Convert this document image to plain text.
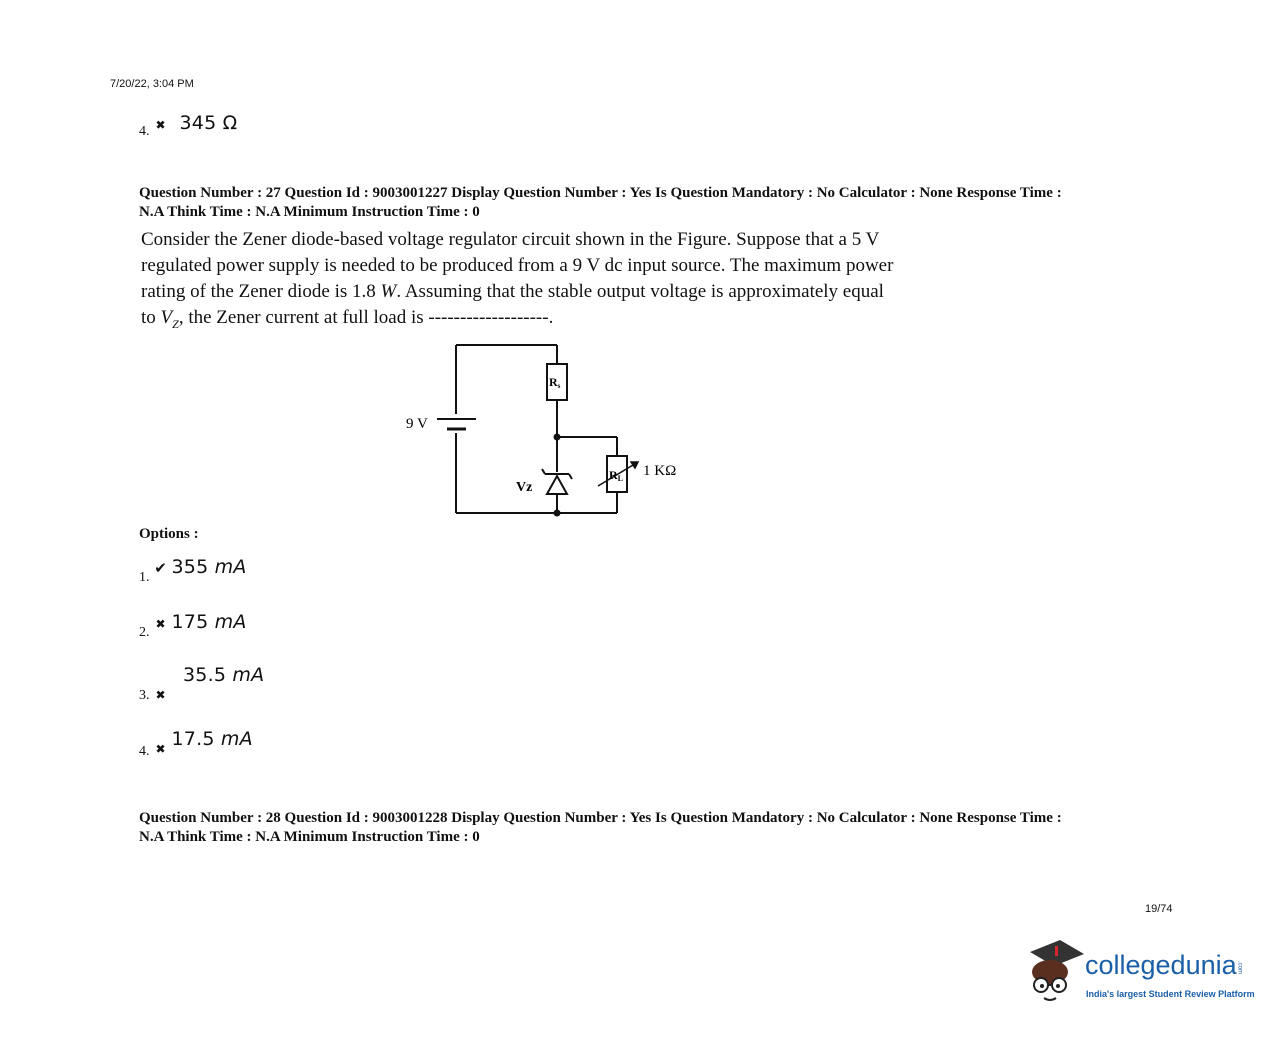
7/20/22, 3:04 PM
4. ✖ 345 Ω
Question Number : 27 Question Id : 9003001227 Display Question Number : Yes Is Question Mandatory : No Calculator : None Response Time :
N.A Think Time : N.A Minimum Instruction Time : 0
Consider the Zener diode-based voltage regulator circuit shown in the Figure. Suppose that a 5 V
regulated power supply is needed to be produced from a 9 V dc input source. The maximum power
rating of the Zener diode is 1.8 W. Assuming that the stable output voltage is approximately equal
to $V_Z$, the Zener current at full load is -------------------.
9 V
Rs
Vz
RL 1 KΩ
Options :
1. ✔ 355 mA
2. ✖ 175 mA
35.5 mA
3. ✖
4. ✖ 17.5 mA
Question Number : 28 Question Id : 9003001228 Display Question Number : Yes Is Question Mandatory : No Calculator : None Response Time :
N.A Think Time : N.A Minimum Instruction Time : 0
19/74
collegedunia.com
India's largest Student Review Platform
